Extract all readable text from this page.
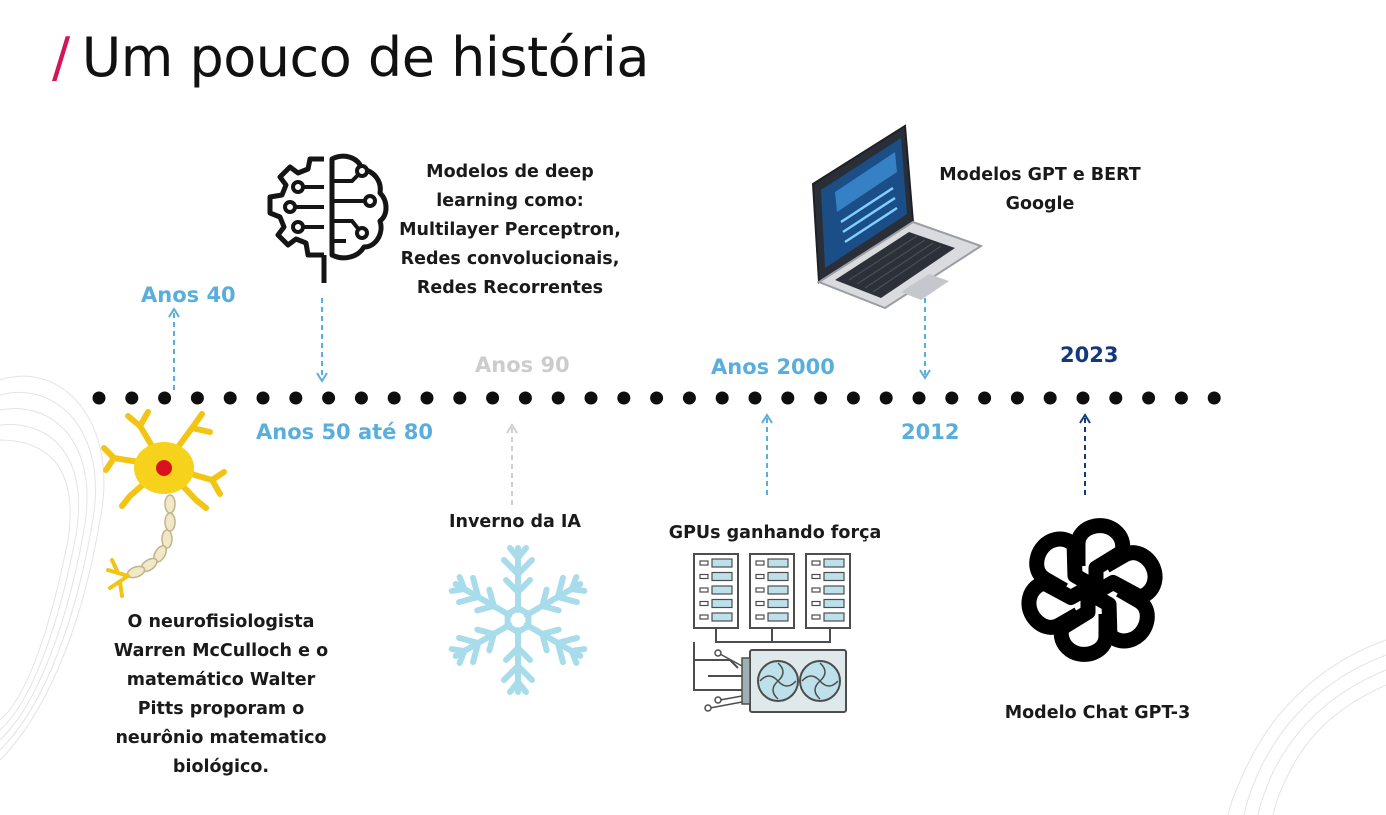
/ Um pouco de história
Anos 40
Anos 50 até 80
Anos 90	Anos 2000
2012
2023
O neurofisiologista
Warren McCulloch e o
matemático Walter
Pitts proporam o
neurônio matematico
biológico.
Modelos de deep
learning como:
Multilayer Perceptron,
Redes convolucionais,
Redes Recorrentes
Inverno da IA
GPUs ganhando força
Modelos GPT e BERT
Google
Modelo Chat GPT-3
